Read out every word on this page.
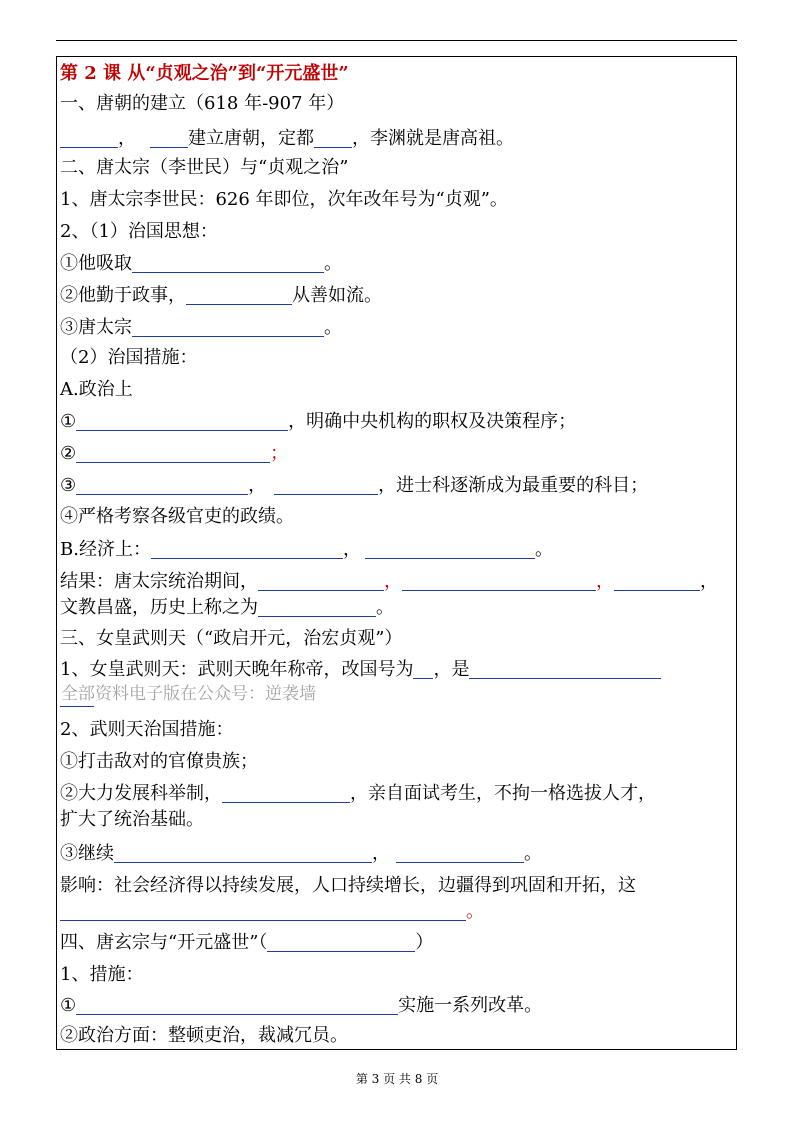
第 2 课 从“贞观之治”到“开元盛世”
一、唐朝的建立（618 年-907 年）
，	建立唐朝，定都 ，李渊就是唐高祖。
二、唐太宗（李世民）与“贞观之治”
1、唐太宗李世民：626 年即位，次年改年号为“贞观”。
2、（1）治国思想：
①他吸取	。
②他勤于政事，	从善如流。
③唐太宗	。
（2）治国措施：
A.政治上
①	，明确中央机构的职权及决策程序；
②	；
③	，	，进士科逐渐成为最重要的科目；
④严格考察各级官吏的政绩。
B.经济上：	，	。
结果：唐太宗统治期间，	，	，	，
文教昌盛，历史上称之为	。
三、女皇武则天（“政启开元，治宏贞观”）
1、女皇武则天：武则天晚年称帝，改国号为 ，是
全部资料电子版在公众号：逆袭墙
2、武则天治国措施：
①打击敌对的官僚贵族；
②大力发展科举制，	，亲自面试考生，不拘一格选拔人才，
扩大了统治基础。
③继续	，	。
影响：社会经济得以持续发展，人口持续增长，边疆得到巩固和开拓，这
。
四、唐玄宗与“开元盛世”（	）
1、措施：
①	实施一系列改革。
②政治方面：整顿吏治，裁减冗员。
第 3 页 共 8 页
